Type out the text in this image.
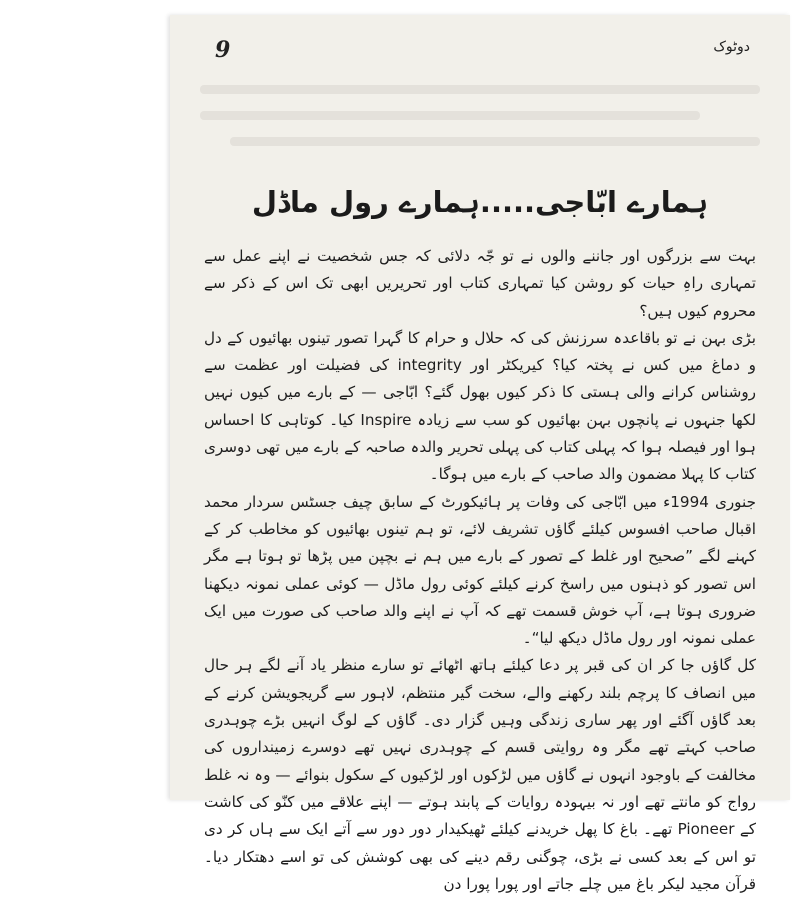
9	دوٹوک
ہمارے ابّاجی.....ہمارے رول ماڈل

بہت سے بزرگوں اور جاننے والوں نے تو جّہ دلائی کہ جس شخصیت نے اپنے عمل سے تمہاری راہِ حیات کو روشن کیا تمہاری کتاب اور تحریریں ابھی تک اس کے ذکر سے محروم کیوں ہیں؟

بڑی بہن نے تو باقاعدہ سرزنش کی کہ حلال و حرام کا گہرا تصور تینوں بھائیوں کے دل و دماغ میں کس نے پختہ کیا؟ کیریکٹر اور integrity کی فضیلت اور عظمت سے روشناس کرانے والی ہستی کا ذکر کیوں بھول گئے؟ ابّاجی — کے بارے میں کیوں نہیں لکھا جنہوں نے پانچوں بہن بھائیوں کو سب سے زیادہ Inspire کیا۔ کوتاہی کا احساس ہوا اور فیصلہ ہوا کہ پہلی کتاب کی پہلی تحریر والدہ صاحبہ کے بارے میں تھی دوسری کتاب کا پہلا مضمون والد صاحب کے بارے میں ہوگا۔

جنوری 1994ء میں ابّاجی کی وفات پر ہائیکورٹ کے سابق چیف جسٹس سردار محمد اقبال صاحب افسوس کیلئے گاؤں تشریف لائے، تو ہم تینوں بھائیوں کو مخاطب کر کے کہنے لگے ”صحیح اور غلط کے تصور کے بارے میں ہم نے بچپن میں پڑھا تو ہوتا ہے مگر اس تصور کو ذہنوں میں راسخ کرنے کیلئے کوئی رول ماڈل — کوئی عملی نمونہ دیکھنا ضروری ہوتا ہے، آپ خوش قسمت تھے کہ آپ نے اپنے والد صاحب کی صورت میں ایک عملی نمونہ اور رول ماڈل دیکھ لیا“۔

کل گاؤں جا کر ان کی قبر پر دعا کیلئے ہاتھ اٹھائے تو سارے منظر یاد آنے لگے ہر حال میں انصاف کا پرچم بلند رکھنے والے، سخت گیر منتظم، لاہور سے گریجویشن کرنے کے بعد گاؤں آگئے اور پھر ساری زندگی وہیں گزار دی۔ گاؤں کے لوگ انہیں بڑے چوہدری صاحب کہتے تھے مگر وہ روایتی قسم کے چوہدری نہیں تھے دوسرے زمینداروں کی مخالفت کے باوجود انہوں نے گاؤں میں لڑکوں اور لڑکیوں کے سکول بنوائے — وہ نہ غلط رواج کو مانتے تھے اور نہ بیہودہ روایات کے پابند ہوتے — اپنے علاقے میں کنّو کی کاشت کے Pioneer تھے۔ باغ کا پھل خریدنے کیلئے ٹھیکیدار دور دور سے آتے ایک سے ہاں کر دی تو اس کے بعد کسی نے بڑی، چوگنی رقم دینے کی بھی کوشش کی تو اسے دھتکار دیا۔ قرآن مجید لیکر باغ میں چلے جاتے اور پورا پورا دن
